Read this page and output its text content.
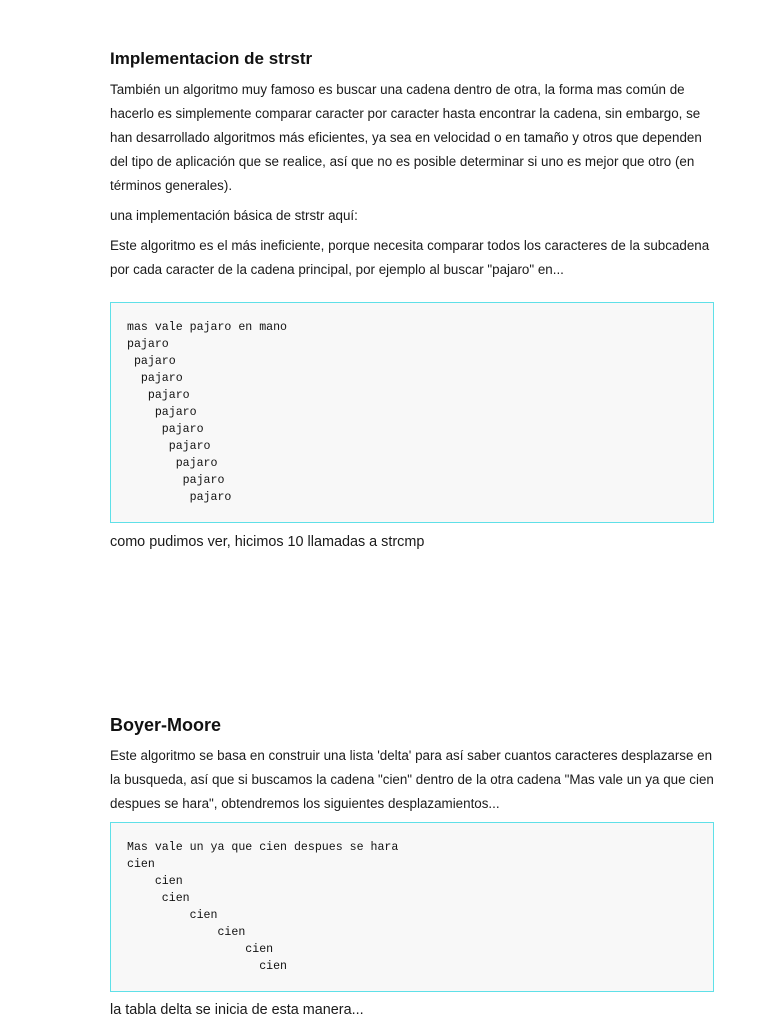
Implementacion de strstr

También un algoritmo muy famoso es buscar una cadena dentro de otra, la forma mas común de hacerlo es simplemente comparar caracter por caracter hasta encontrar la cadena, sin embargo, se han desarrollado algoritmos más eficientes, ya sea en velocidad o en tamaño y otros que dependen del tipo de aplicación que se realice, así que no es posible determinar si uno es mejor que otro (en términos generales).

una implementación básica de strstr aquí:

Este algoritmo es el más ineficiente, porque necesita comparar todos los caracteres de la subcadena por cada caracter de la cadena principal, por ejemplo al buscar "pajaro" en...

mas vale pajaro en mano
pajaro
pajaro
pajaro
pajaro
pajaro
pajaro
pajaro
pajaro
pajaro
pajaro

como pudimos ver, hicimos 10 llamadas a strcmp

Boyer-Moore

Este algoritmo se basa en construir una lista 'delta' para así saber cuantos caracteres desplazarse en la busqueda, así que si buscamos la cadena "cien" dentro de la otra cadena "Mas vale un ya que cien despues se hara", obtendremos los siguientes desplazamientos...

Mas vale un ya que cien despues se hara
cien
cien
cien
cien
cien
cien
cien

la tabla delta se inicia de esta manera...
